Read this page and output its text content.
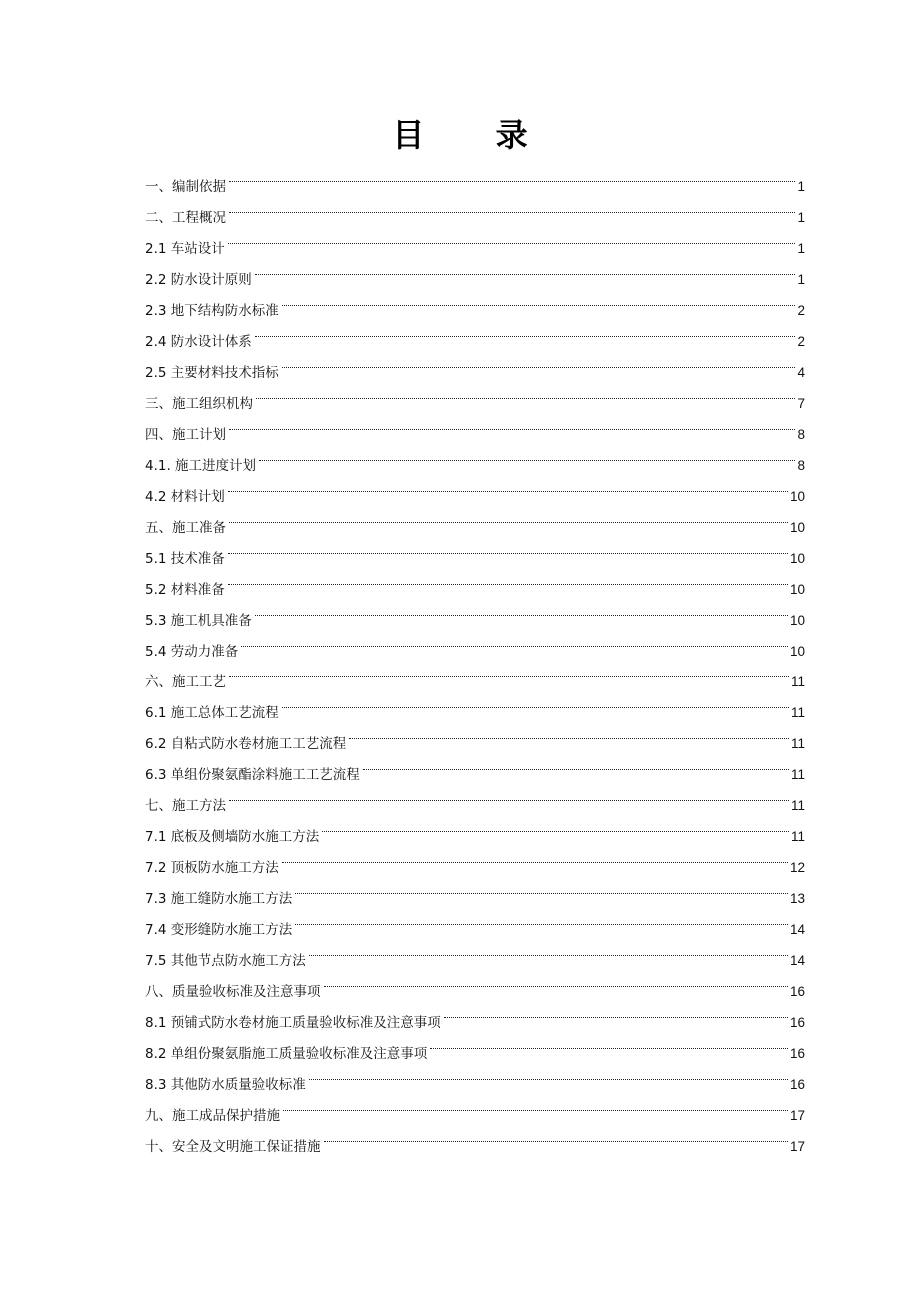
目 录
一、编制依据	1
二、工程概况	1
2.1 车站设计	1
2.2 防水设计原则	1
2.3 地下结构防水标准	2
2.4 防水设计体系	2
2.5 主要材料技术指标	4
三、施工组织机构	7
四、施工计划	8
4.1. 施工进度计划	8
4.2 材料计划	10
五、施工准备	10
5.1 技术准备	10
5.2 材料准备	10
5.3 施工机具准备	10
5.4 劳动力准备	10
六、施工工艺	11
6.1 施工总体工艺流程	11
6.2 自粘式防水卷材施工工艺流程	11
6.3 单组份聚氨酯涂料施工工艺流程	11
七、施工方法	11
7.1 底板及侧墙防水施工方法	11
7.2 顶板防水施工方法	12
7.3 施工缝防水施工方法	13
7.4 变形缝防水施工方法	14
7.5 其他节点防水施工方法	14
八、质量验收标准及注意事项	16
8.1 预铺式防水卷材施工质量验收标准及注意事项	16
8.2 单组份聚氨脂施工质量验收标准及注意事项	16
8.3 其他防水质量验收标准	16
九、施工成品保护措施	17
十、安全及文明施工保证措施	17
